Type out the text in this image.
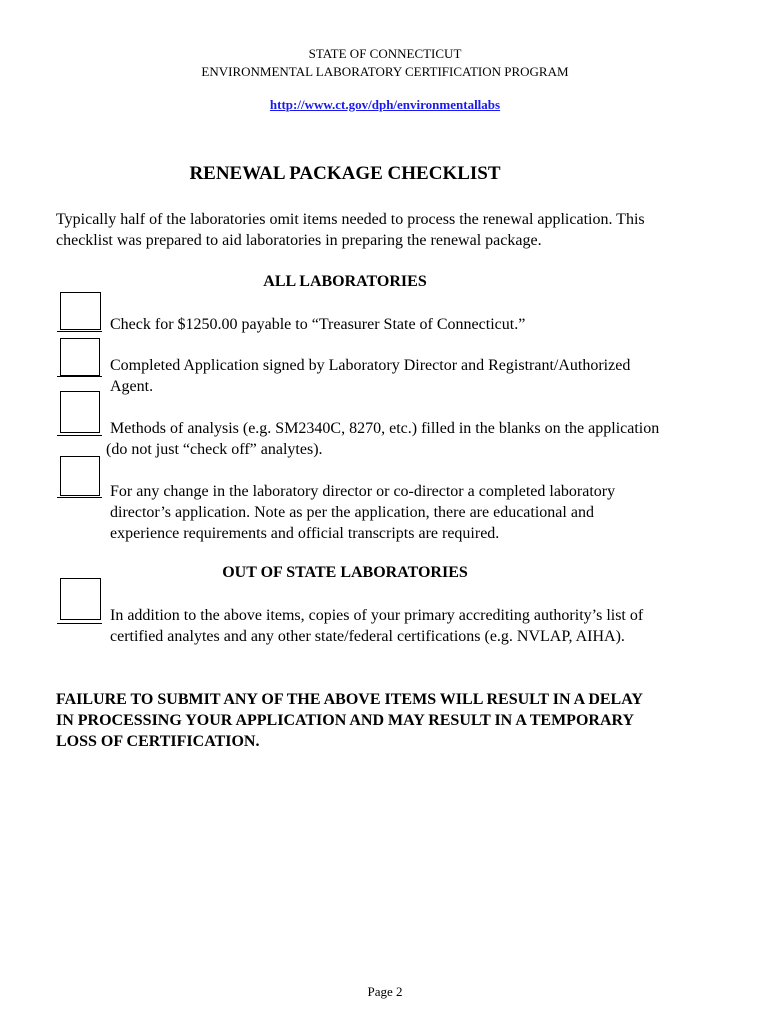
STATE OF CONNECTICUT
ENVIRONMENTAL LABORATORY CERTIFICATION PROGRAM
http://www.ct.gov/dph/environmentallabs
RENEWAL PACKAGE CHECKLIST
Typically half of the laboratories omit items needed to process the renewal application. This
checklist was prepared to aid laboratories in preparing the renewal package.
ALL LABORATORIES
Check for $1250.00 payable to “Treasurer State of Connecticut.”
Completed Application signed by Laboratory Director and Registrant/Authorized
Agent.
Methods of analysis (e.g. SM2340C, 8270, etc.) filled in the blanks on the application
(do not just “check off” analytes).
For any change in the laboratory director or co-director a completed laboratory
director’s application. Note as per the application, there are educational and
experience requirements and official transcripts are required.
OUT OF STATE LABORATORIES
In addition to the above items, copies of your primary accrediting authority’s list of
certified analytes and any other state/federal certifications (e.g. NVLAP, AIHA).
FAILURE TO SUBMIT ANY OF THE ABOVE ITEMS WILL RESULT IN A DELAY
IN PROCESSING YOUR APPLICATION AND MAY RESULT IN A TEMPORARY
LOSS OF CERTIFICATION.
Page 2
